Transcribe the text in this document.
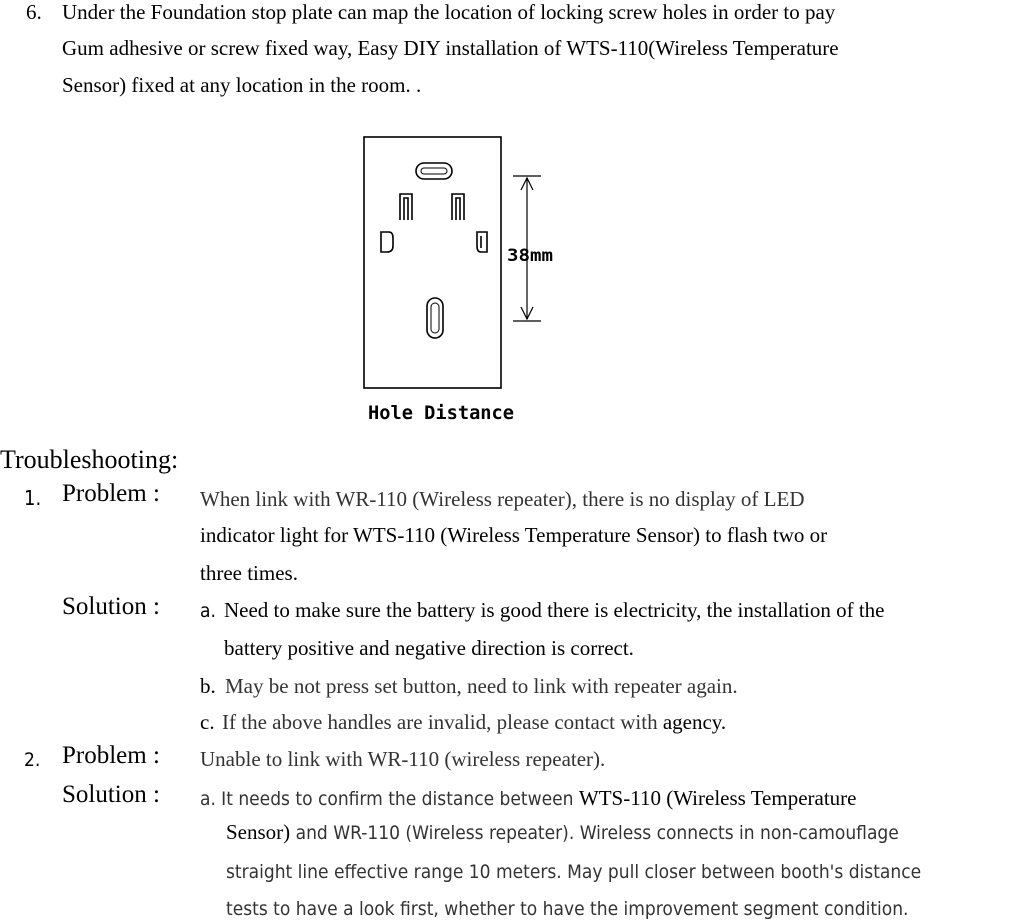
6. Under the Foundation stop plate can map the location of locking screw holes in order to pay
Gum adhesive or screw fixed way, Easy DIY installation of WTS-110(Wireless Temperature
Sensor) fixed at any location in the room. .
38mm
Hole Distance
Troubleshooting:
1. Problem : When link with WR-110 (Wireless repeater), there is no display of LED
indicator light for WTS-110 (Wireless Temperature Sensor) to flash two or
three times.
Solution : a. Need to make sure the battery is good there is electricity, the installation of the
battery positive and negative direction is correct.
b. May be not press set button, need to link with repeater again.
c. If the above handles are invalid, please contact with agency.
2. Problem : Unable to link with WR-110 (wireless repeater).
Solution : a. It needs to confirm the distance between WTS-110 (Wireless Temperature
Sensor) and WR-110 (Wireless repeater). Wireless connects in non-camouflage
straight line effective range 10 meters. May pull closer between booth's distance
tests to have a look first, whether to have the improvement segment condition.
